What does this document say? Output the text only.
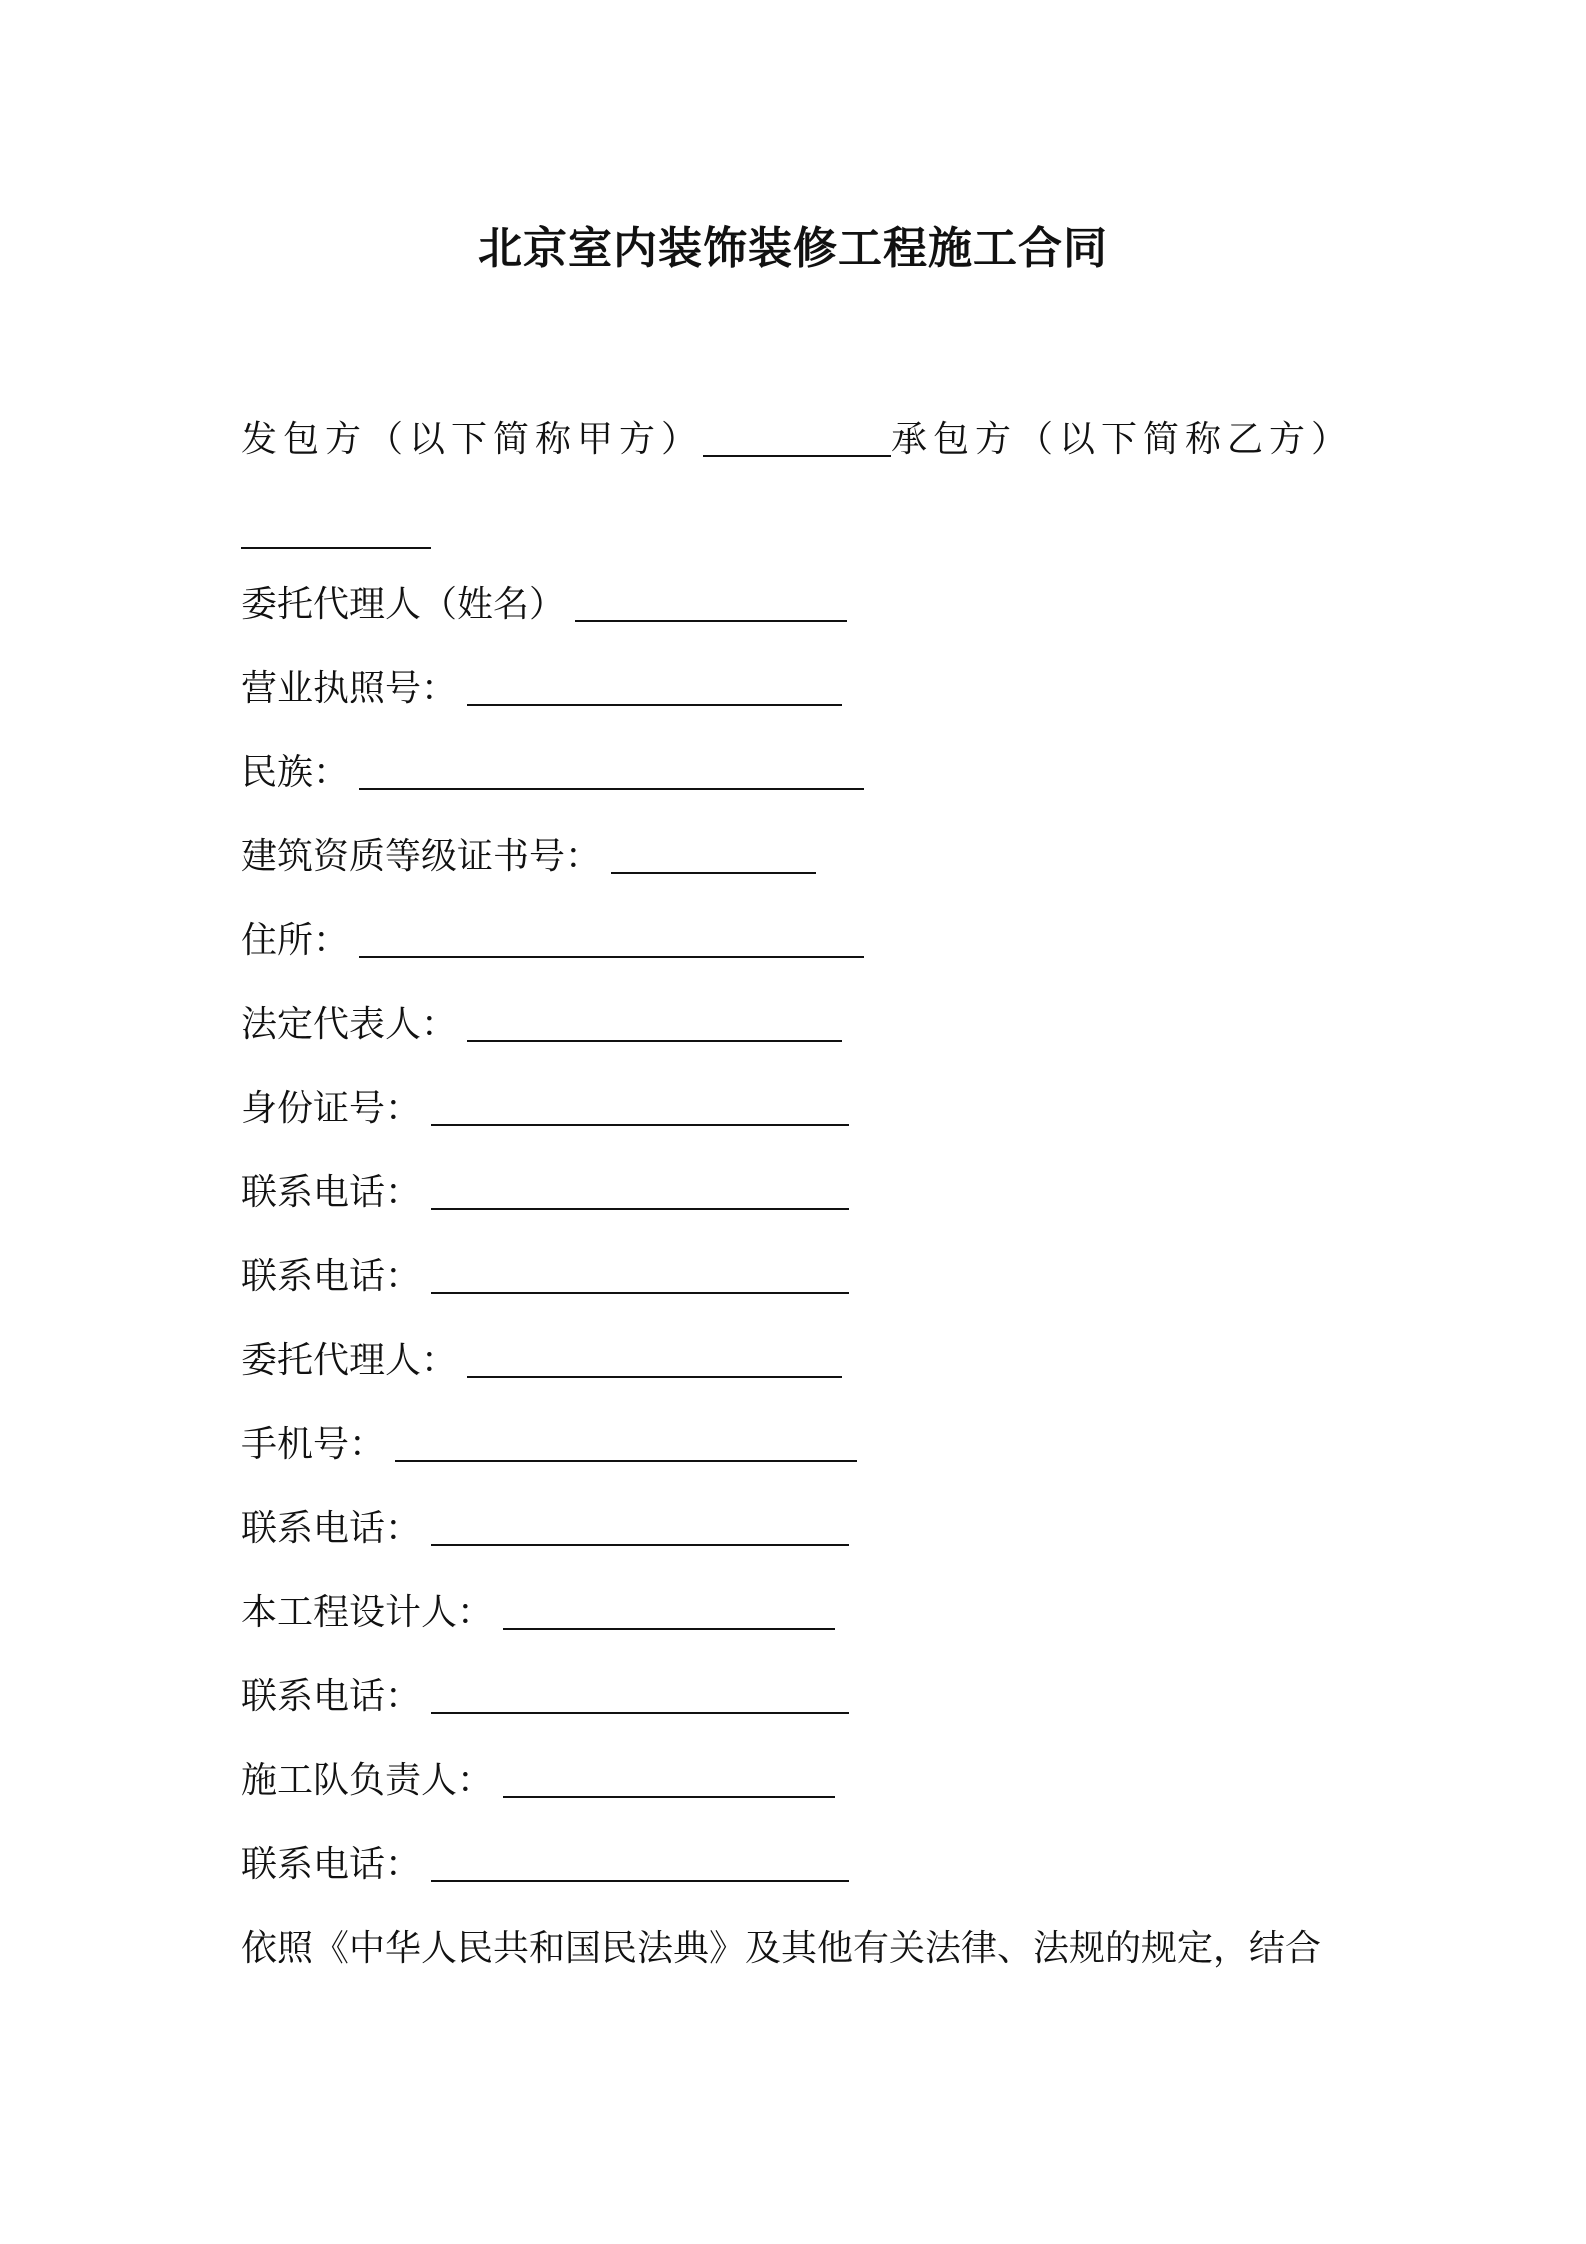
北京室内装饰装修工程施工合同
发包方（以下简称甲方）	承包方（以下简称乙方）
委托代理人（姓名）
营业执照号：
民族：
建筑资质等级证书号：
住所：
法定代表人：
身份证号：
联系电话：
联系电话：
委托代理人：
手机号：
联系电话：
本工程设计人：
联系电话：
施工队负责人：
联系电话：
依照《中华人民共和国民法典》及其他有关法律、法规的规定，结合
